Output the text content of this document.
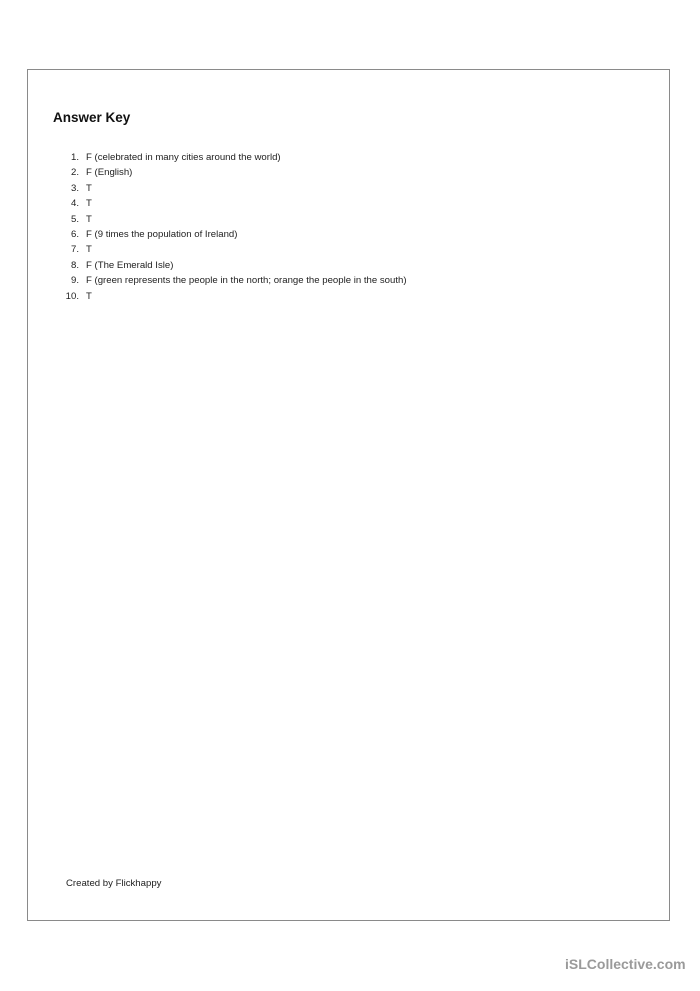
Answer Key
1. F (celebrated in many cities around the world)
2. F (English)
3. T
4. T
5. T
6. F (9 times the population of Ireland)
7. T
8. F (The Emerald Isle)
9. F (green represents the people in the north; orange the people in the south)
10. T
Created by Flickhappy
iSLCollective.com
